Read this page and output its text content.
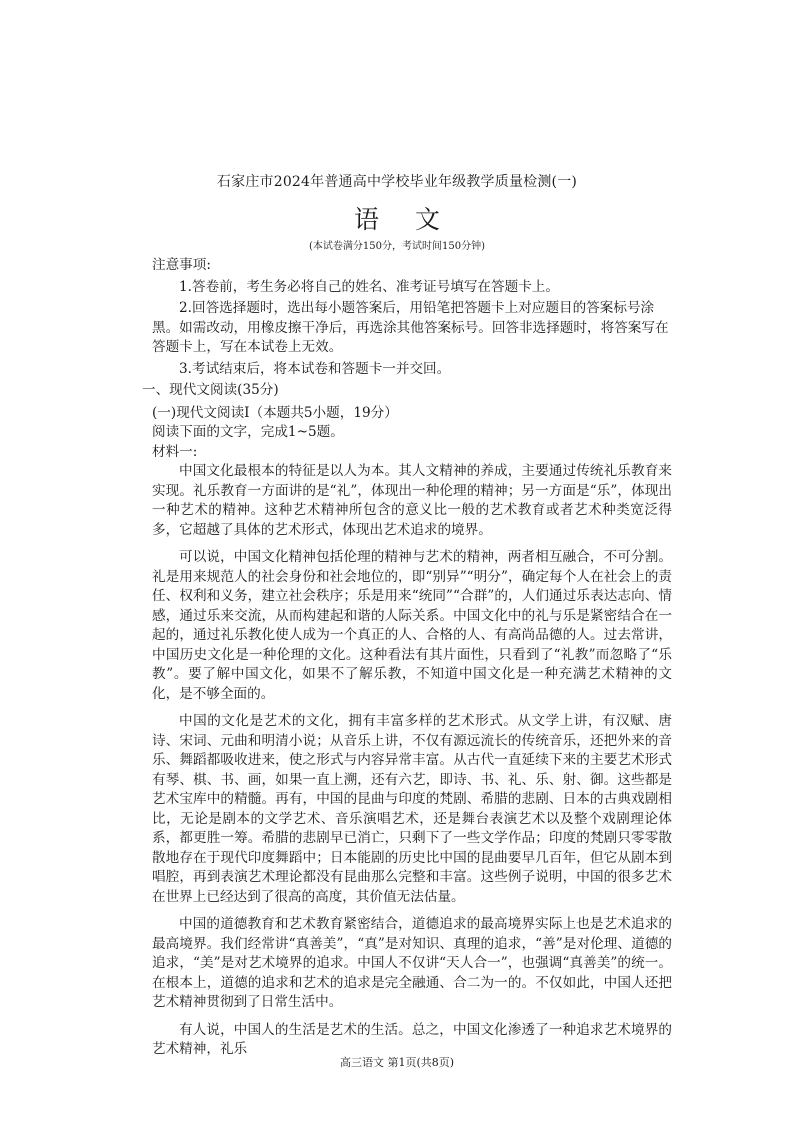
石家庄市2024年普通高中学校毕业年级教学质量检测(一)
语 文
(本试卷满分150分，考试时间150分钟)

注意事项:

1.答卷前，考生务必将自己的姓名、准考证号填写在答题卡上。

2.回答选择题时，选出每小题答案后，用铅笔把答题卡上对应题目的答案标号涂黑。如需改动，用橡皮擦干净后，再选涂其他答案标号。回答非选择题时，将答案写在答题卡上，写在本试卷上无效。

3.考试结束后，将本试卷和答题卡一并交回。

一、现代文阅读(35分)

(一)现代文阅读Ⅰ（本题共5小题，19分）

阅读下面的文字，完成1~5题。

材料一:

中国文化最根本的特征是以人为本。其人文精神的养成，主要通过传统礼乐教育来实现。礼乐教育一方面讲的是“礼”，体现出一种伦理的精神；另一方面是“乐”，体现出一种艺术的精神。这种艺术精神所包含的意义比一般的艺术教育或者艺术种类宽泛得多，它超越了具体的艺术形式，体现出艺术追求的境界。

可以说，中国文化精神包括伦理的精神与艺术的精神，两者相互融合，不可分割。礼是用来规范人的社会身份和社会地位的，即“别异”“明分”，确定每个人在社会上的责任、权利和义务，建立社会秩序；乐是用来“统同”“合群”的，人们通过乐表达志向、情感，通过乐来交流，从而构建起和谐的人际关系。中国文化中的礼与乐是紧密结合在一起的，通过礼乐教化使人成为一个真正的人、合格的人、有高尚品德的人。过去常讲，中国历史文化是一种伦理的文化。这种看法有其片面性，只看到了“礼教”而忽略了“乐教”。要了解中国文化，如果不了解乐教，不知道中国文化是一种充满艺术精神的文化，是不够全面的。

中国的文化是艺术的文化，拥有丰富多样的艺术形式。从文学上讲，有汉赋、唐诗、宋词、元曲和明清小说；从音乐上讲，不仅有源远流长的传统音乐，还把外来的音乐、舞蹈都吸收进来，使之形式与内容异常丰富。从古代一直延续下来的主要艺术形式有琴、棋、书、画，如果一直上溯，还有六艺，即诗、书、礼、乐、射、御。这些都是艺术宝库中的精髓。再有，中国的昆曲与印度的梵剧、希腊的悲剧、日本的古典戏剧相比，无论是剧本的文学艺术、音乐演唱艺术，还是舞台表演艺术以及整个戏剧理论体系，都更胜一筹。希腊的悲剧早已消亡，只剩下了一些文学作品；印度的梵剧只零零散散地存在于现代印度舞蹈中；日本能剧的历史比中国的昆曲要早几百年，但它从剧本到唱腔，再到表演艺术理论都没有昆曲那么完整和丰富。这些例子说明，中国的很多艺术在世界上已经达到了很高的高度，其价值无法估量。

中国的道德教育和艺术教育紧密结合，道德追求的最高境界实际上也是艺术追求的最高境界。我们经常讲“真善美”，“真”是对知识、真理的追求，“善”是对伦理、道德的追求，“美”是对艺术境界的追求。中国人不仅讲“天人合一”，也强调“真善美”的统一。在根本上，道德的追求和艺术的追求是完全融通、合二为一的。不仅如此，中国人还把艺术精神贯彻到了日常生活中。

有人说，中国人的生活是艺术的生活。总之，中国文化渗透了一种追求艺术境界的艺术精神，礼乐

高三语文 第1页(共8页)
